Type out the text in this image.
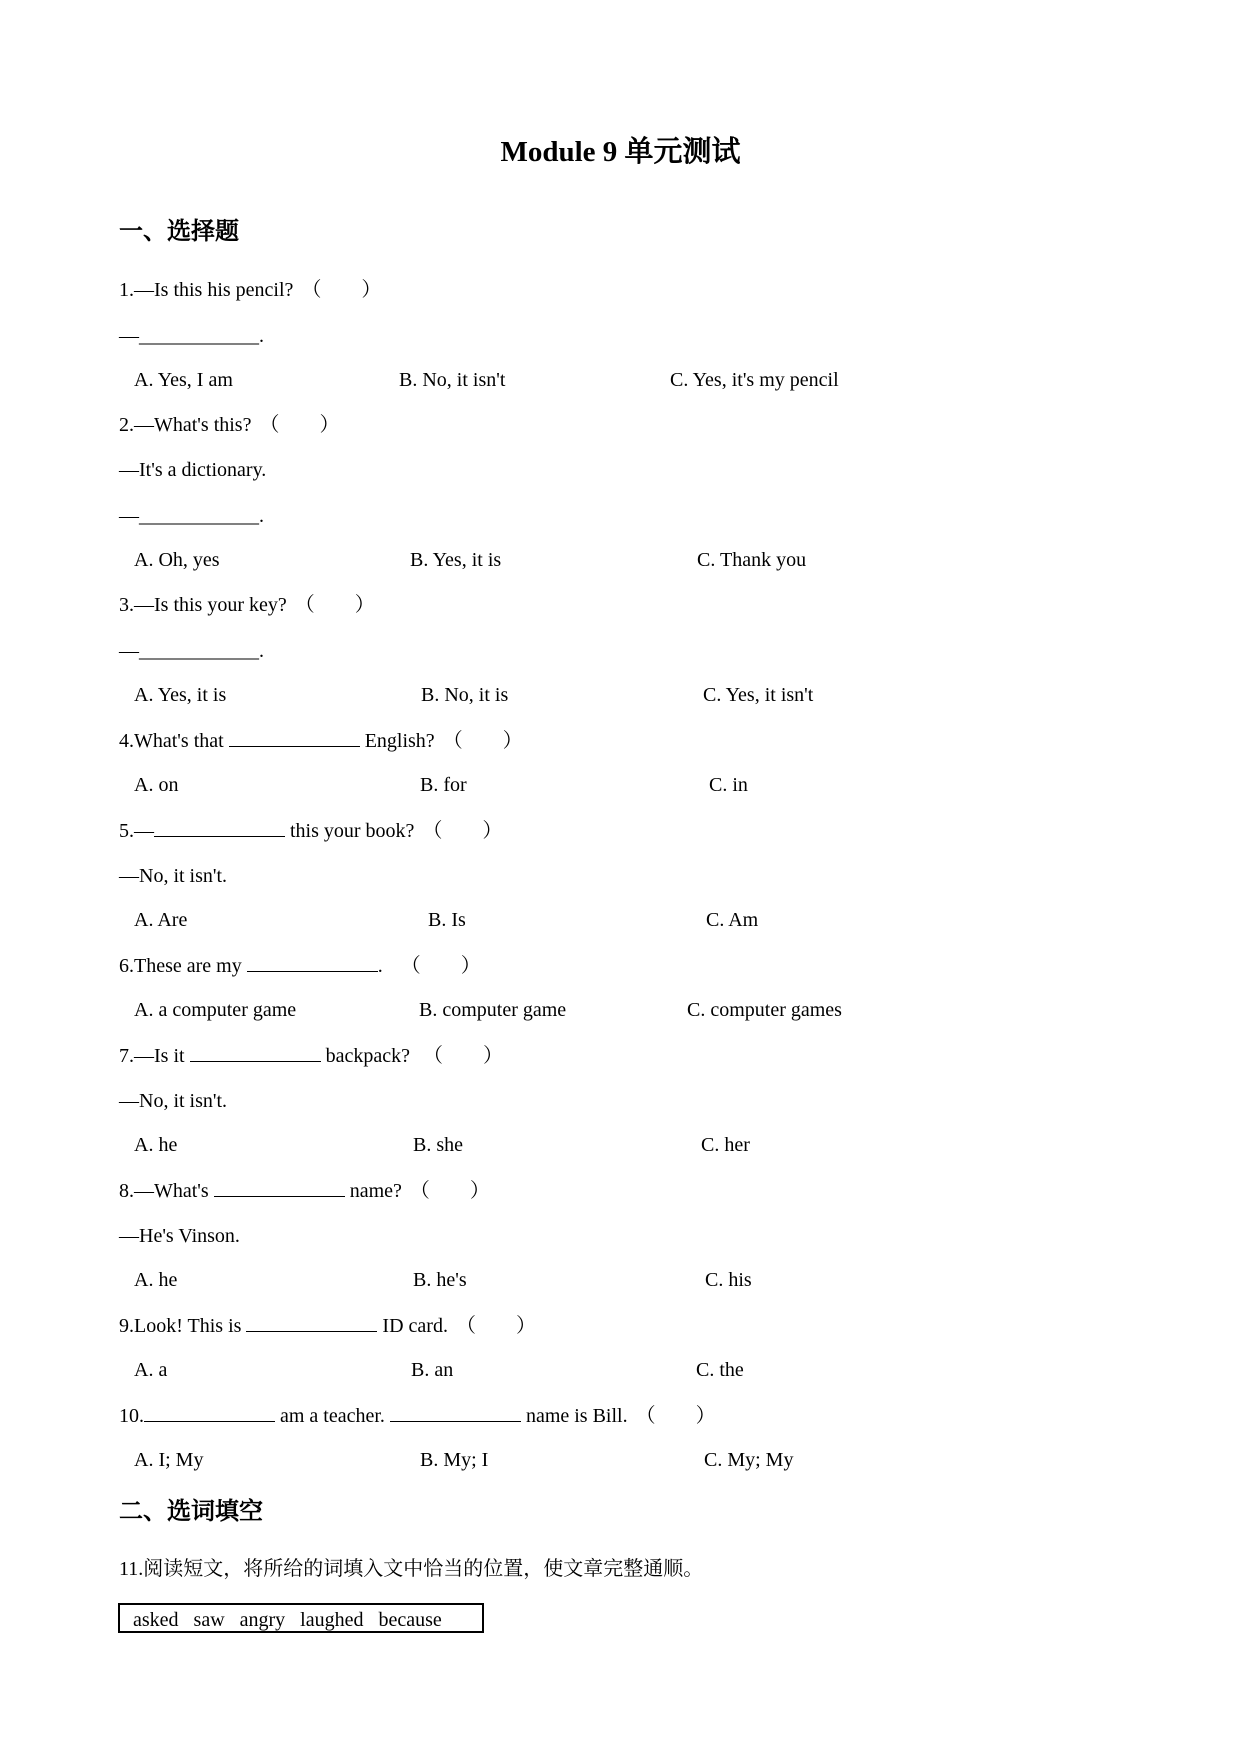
Module 9 单元测试
一、选择题
1.—Is this his pencil? （　　）
—____________.
A. Yes, I am	B. No, it isn't	C. Yes, it's my pencil
2.—What's this? （　　）
—It's a dictionary.
—____________.
A. Oh, yes	B. Yes, it is	C. Thank you
3.—Is this your key? （　　）
—____________.
A. Yes, it is	B. No, it is	C. Yes, it isn't
4.What's that	English? （　　）
A. on	B. for	C. in
5.—	this your book? （　　）
—No, it isn't.
A. Are	B. Is	C. Am
6.These are my	. （　　）
A. a computer game	B. computer game	C. computer games
7.—Is it	backpack? （　　）
—No, it isn't.
A. he	B. she	C. her
8.—What's	name? （　　）
—He's Vinson.
A. he	B. he's	C. his
9.Look! This is	ID card. （　　）
A. a	B. an	C. the
10.	am a teacher.	name is Bill. （　　）
A. I; My	B. My; I	C. My; My
二、选词填空
11.阅读短文，将所给的词填入文中恰当的位置，使文章完整通顺。
asked   saw   angry   laughed   because
